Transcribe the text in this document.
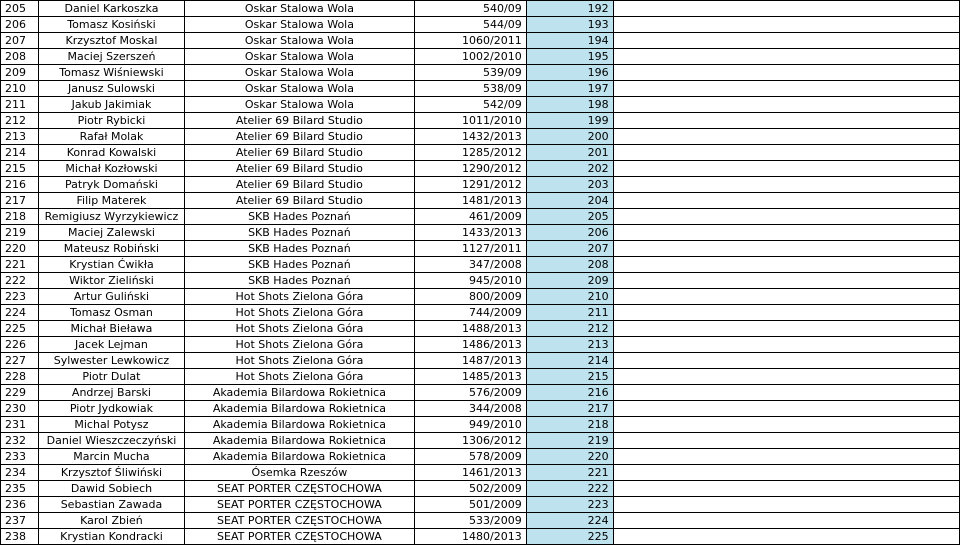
205	Daniel Karkoszka	Oskar Stalowa Wola	540/09	192	
206	Tomasz Kosiński	Oskar Stalowa Wola	544/09	193	
207	Krzysztof Moskal	Oskar Stalowa Wola	1060/2011	194	
208	Maciej Szerszeń	Oskar Stalowa Wola	1002/2010	195	
209	Tomasz Wiśniewski	Oskar Stalowa Wola	539/09	196	
210	Janusz Sulowski	Oskar Stalowa Wola	538/09	197	
211	Jakub Jakimiak	Oskar Stalowa Wola	542/09	198	
212	Piotr Rybicki	Atelier 69 Bilard Studio	1011/2010	199	
213	Rafał Molak	Atelier 69 Bilard Studio	1432/2013	200	
214	Konrad Kowalski	Atelier 69 Bilard Studio	1285/2012	201	
215	Michał Kozłowski	Atelier 69 Bilard Studio	1290/2012	202	
216	Patryk Domański	Atelier 69 Bilard Studio	1291/2012	203	
217	Filip Materek	Atelier 69 Bilard Studio	1481/2013	204	
218	Remigiusz Wyrzykiewicz	SKB Hades Poznań	461/2009	205	
219	Maciej Zalewski	SKB Hades Poznań	1433/2013	206	
220	Mateusz Robiński	SKB Hades Poznań	1127/2011	207	
221	Krystian Ćwikła	SKB Hades Poznań	347/2008	208	
222	Wiktor Zieliński	SKB Hades Poznań	945/2010	209	
223	Artur Guliński	Hot Shots Zielona Góra	800/2009	210	
224	Tomasz Osman	Hot Shots Zielona Góra	744/2009	211	
225	Michał Bieława	Hot Shots Zielona Góra	1488/2013	212	
226	Jacek Lejman	Hot Shots Zielona Góra	1486/2013	213	
227	Sylwester Lewkowicz	Hot Shots Zielona Góra	1487/2013	214	
228	Piotr Dulat	Hot Shots Zielona Góra	1485/2013	215	
229	Andrzej Barski	Akademia Bilardowa Rokietnica	576/2009	216	
230	Piotr Jydkowiak	Akademia Bilardowa Rokietnica	344/2008	217	
231	Michal Potysz	Akademia Bilardowa Rokietnica	949/2010	218	
232	Daniel Wieszczeczyński	Akademia Bilardowa Rokietnica	1306/2012	219	
233	Marcin Mucha	Akademia Bilardowa Rokietnica	578/2009	220	
234	Krzysztof Śliwiński	Ósemka Rzeszów	1461/2013	221	
235	Dawid Sobiech	SEAT PORTER CZĘSTOCHOWA	502/2009	222	
236	Sebastian Zawada	SEAT PORTER CZĘSTOCHOWA	501/2009	223	
237	Karol Zbień	SEAT PORTER CZĘSTOCHOWA	533/2009	224	
238	Krystian Kondracki	SEAT PORTER CZĘSTOCHOWA	1480/2013	225	
